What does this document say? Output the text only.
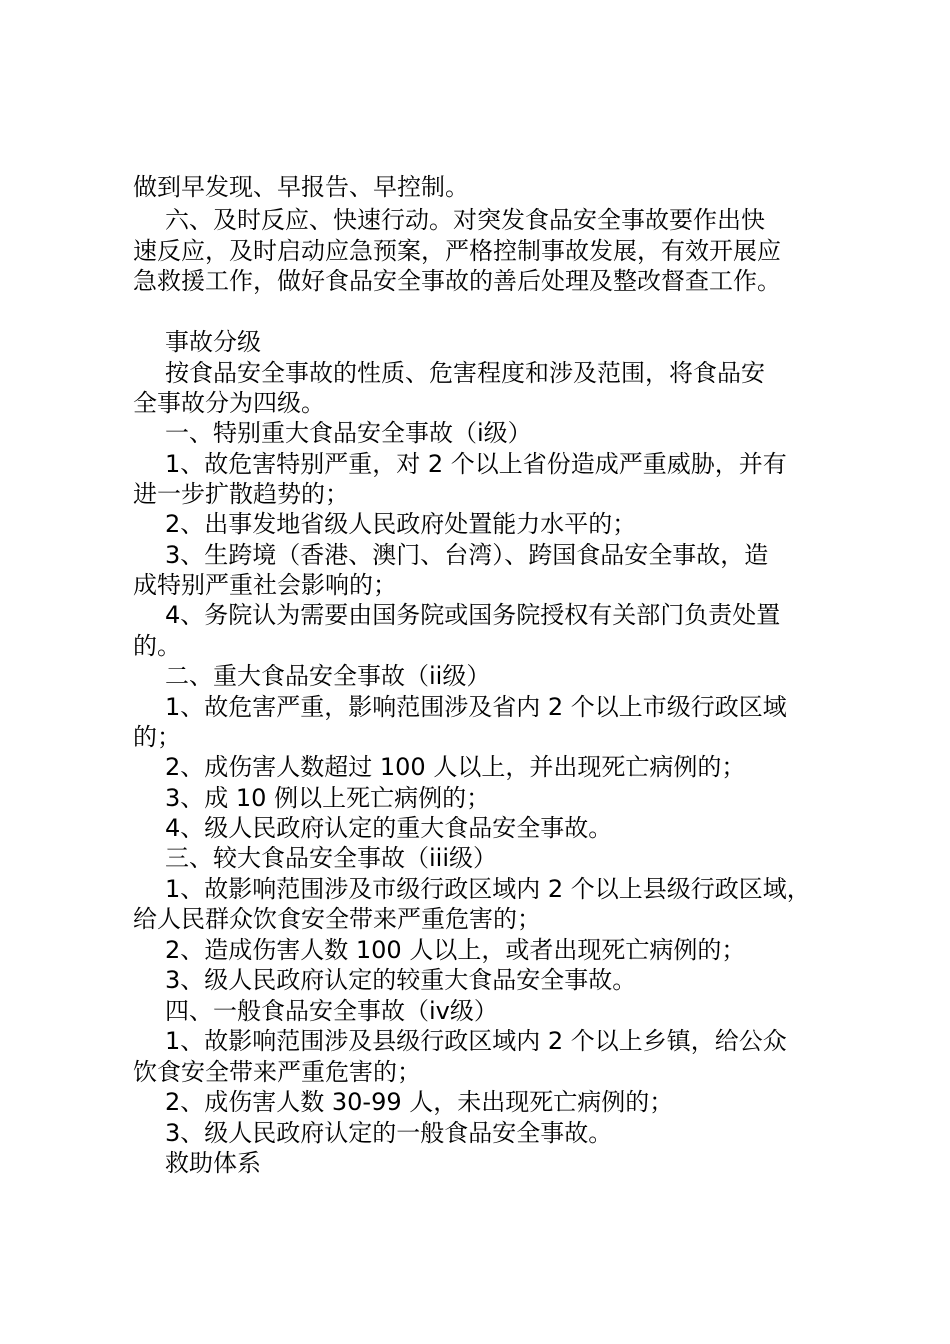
做到早发现、早报告、早控制。

六、及时反应、快速行动。对突发食品安全事故要作出快

速反应，及时启动应急预案，严格控制事故发展，有效开展应

急救援工作，做好食品安全事故的善后处理及整改督查工作。

事故分级

按食品安全事故的性质、危害程度和涉及范围，将食品安

全事故分为四级。

一、特别重大食品安全事故（i级）

1、故危害特别严重，对 2 个以上省份造成严重威胁，并有

进一步扩散趋势的；

2、出事发地省级人民政府处置能力水平的；

3、生跨境（香港、澳门、台湾）、跨国食品安全事故，造

成特别严重社会影响的；

4、务院认为需要由国务院或国务院授权有关部门负责处置

的。

二、重大食品安全事故（ii级）

1、故危害严重，影响范围涉及省内 2 个以上市级行政区域

的；

2、成伤害人数超过 100 人以上，并出现死亡病例的；

3、成 10 例以上死亡病例的；

4、级人民政府认定的重大食品安全事故。

三、较大食品安全事故（iii级）

1、故影响范围涉及市级行政区域内 2 个以上县级行政区域，

给人民群众饮食安全带来严重危害的；

2、造成伤害人数 100 人以上，或者出现死亡病例的；

3、级人民政府认定的较重大食品安全事故。

四、一般食品安全事故（iv级）

1、故影响范围涉及县级行政区域内 2 个以上乡镇，给公众

饮食安全带来严重危害的；

2、成伤害人数 30-99 人，未出现死亡病例的；

3、级人民政府认定的一般食品安全事故。

救助体系
